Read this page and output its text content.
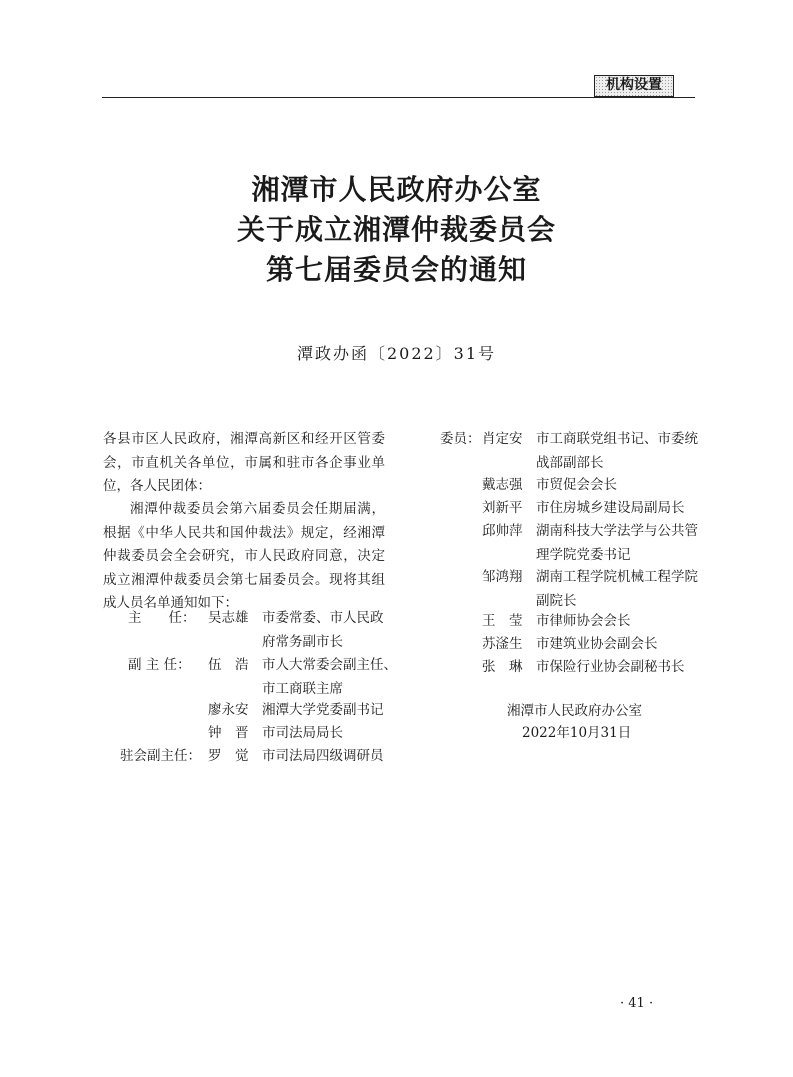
机构设置
湘潭市人民政府办公室
关于成立湘潭仲裁委员会
第七届委员会的通知
潭政办函〔2022〕31号
各县市区人民政府，湘潭高新区和经开区管委会，市直机关各单位，市属和驻市各企事业单位，各人民团体：
湘潭仲裁委员会第六届委员会任期届满，根据《中华人民共和国仲裁法》规定，经湘潭仲裁委员会全会研究，市人民政府同意，决定成立湘潭仲裁委员会第七届委员会。现将其组成人员名单通知如下：
主　　任： 吴志雄 市委常委、市人民政
府常务副市长
副 主 任： 伍　浩 市人大常委会副主任、
市工商联主席
廖永安 湘潭大学党委副书记
钟　晋 市司法局局长
驻会副主任： 罗　觉 市司法局四级调研员
委员： 肖定安 市工商联党组书记、市委统
战部副部长
戴志强 市贸促会会长
刘新平 市住房城乡建设局副局长
邱帅萍 湖南科技大学法学与公共管
理学院党委书记
邹鸿翔 湖南工程学院机械工程学院
副院长
王　莹 市律师协会会长
苏滏生 市建筑业协会副会长
张　琳 市保险行业协会副秘书长
湘潭市人民政府办公室
2022年10月31日
· 41 ·
